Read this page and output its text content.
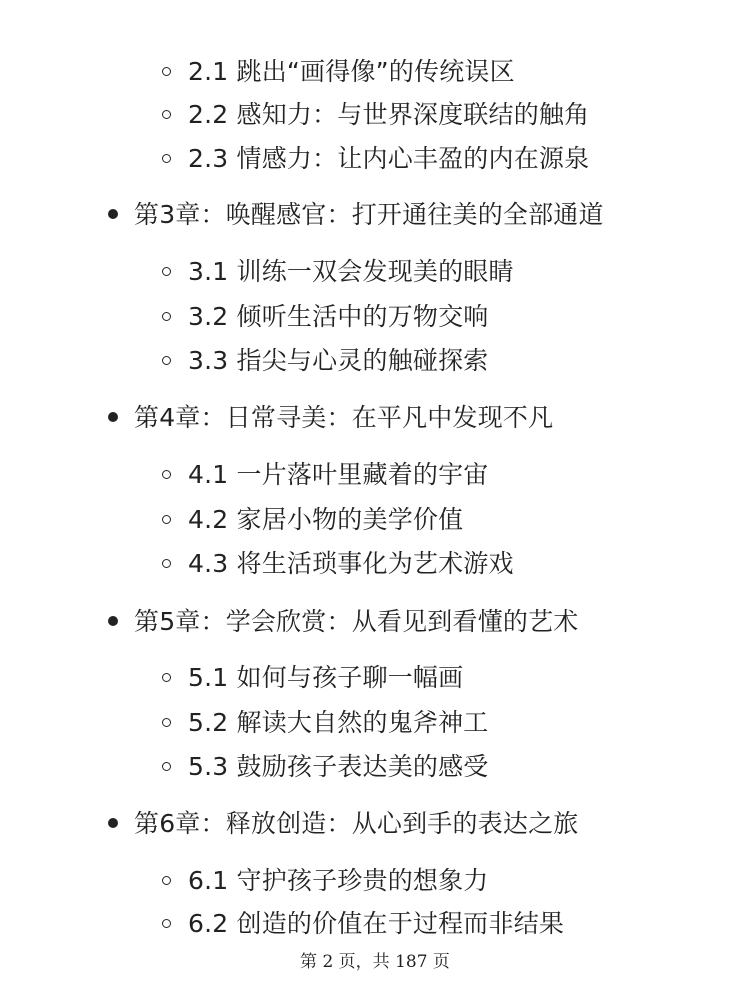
2.1 跳出“画得像”的传统误区
2.2 感知力：与世界深度联结的触角
2.3 情感力：让内心丰盈的内在源泉
第3章：唤醒感官：打开通往美的全部通道
3.1 训练一双会发现美的眼睛
3.2 倾听生活中的万物交响
3.3 指尖与心灵的触碰探索
第4章：日常寻美：在平凡中发现不凡
4.1 一片落叶里藏着的宇宙
4.2 家居小物的美学价值
4.3 将生活琐事化为艺术游戏
第5章：学会欣赏：从看见到看懂的艺术
5.1 如何与孩子聊一幅画
5.2 解读大自然的鬼斧神工
5.3 鼓励孩子表达美的感受
第6章：释放创造：从心到手的表达之旅
6.1 守护孩子珍贵的想象力
6.2 创造的价值在于过程而非结果
第 2 页，共 187 页
